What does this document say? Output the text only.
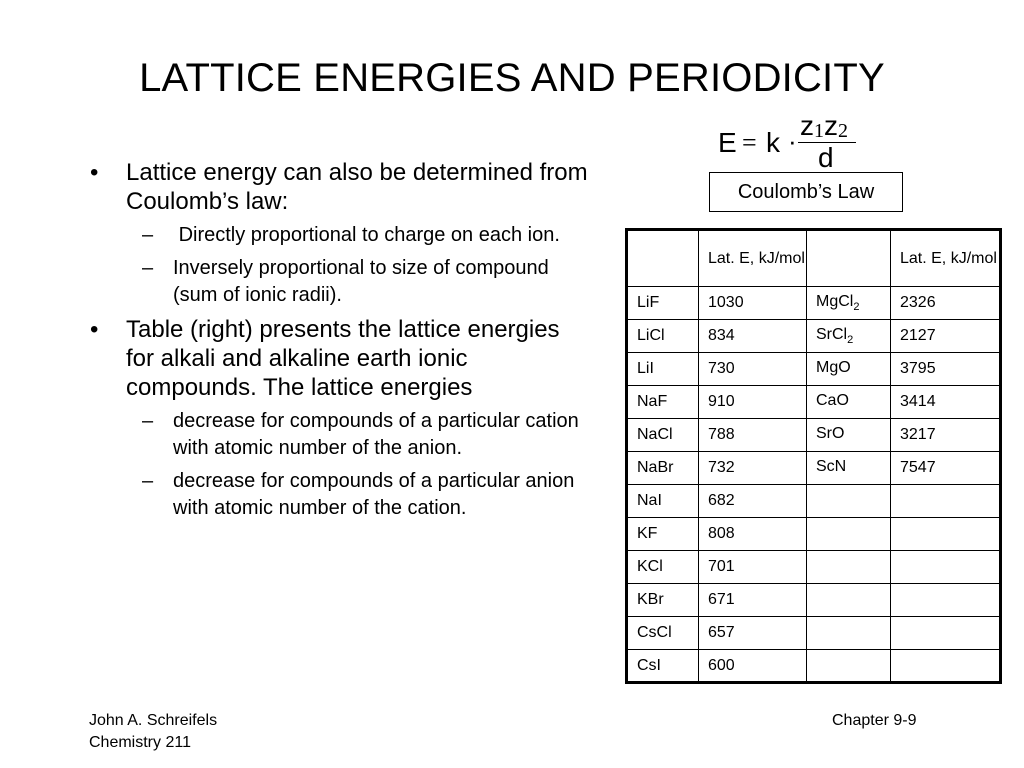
LATTICE ENERGIES AND PERIODICITY
$E = k \cdot z_1z_2$
d
Coulomb’s Law
• Lattice energy can also be determined from Coulomb’s law:
– Directly proportional to charge on each ion.
– Inversely proportional to size of compound (sum of ionic radii).
• Table (right) presents the lattice energies for alkali and alkaline earth ionic compounds. The lattice energies
– decrease for compounds of a particular cation with atomic number of the anion.
– decrease for compounds of a particular anion with atomic number of the cation.
	Lat. E, kJ/mol		Lat. E, kJ/mol
LiF	1030	MgCl$_2$	2326
LiCl	834	SrCl$_2$	2127
LiI	730	MgO	3795
NaF	910	CaO	3414
NaCl	788	SrO	3217
NaBr	732	ScN	7547
NaI	682		
KF	808		
KCl	701		
KBr	671		
CsCl	657		
CsI	600		
John A. Schreifels
Chemistry 211
Chapter 9-9
